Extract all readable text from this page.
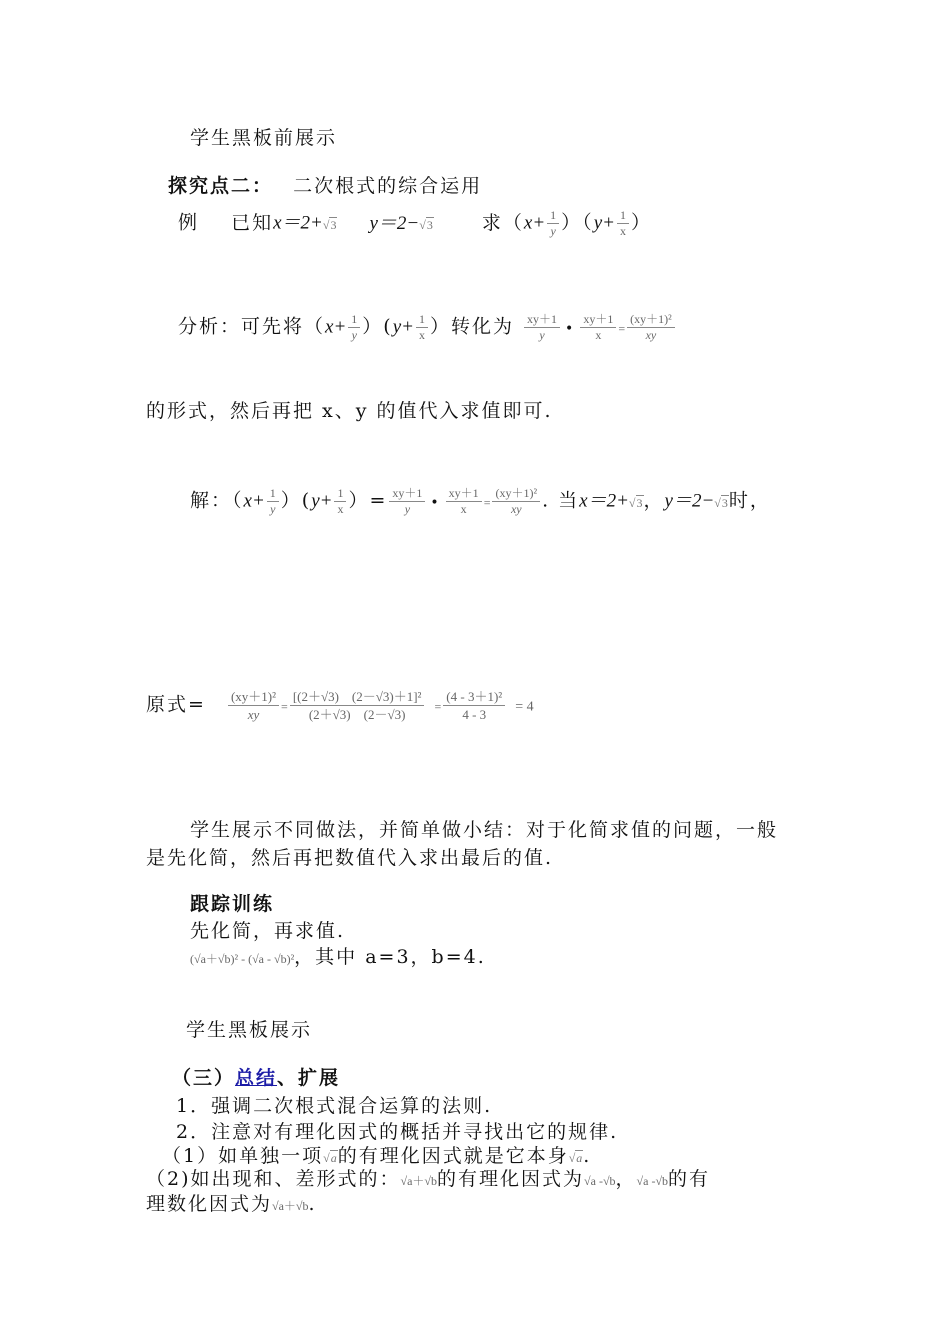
学生黑板前展示
探究点二： 二次根式的综合运用
例 已知x＝2+√3 y＝2−√3	求$(x+ \frac{1}{y} )(y+ \frac{1}{x}$ ）
分析：可先将$(x+ \frac{1}{y} )(y+ \frac{1}{x}$ ）转化为 $\frac{xy+1}{y}$ • $\frac{xy+1}{x} = \frac{\text{(xy＋1)²}}{xy}$
的形式，然后再把 x、y 的值代入求值即可.
解：$(x+ \frac{1}{y} )(y+ \frac{1}{x}$ ）= $\frac{xy+1}{y}$ • $\frac{xy+1}{x} = \frac{\text{(xy＋1)²}}{xy}$ . 当x＝2+√3，y＝2−√3时，
原式= $\frac{\text{(xy＋1)²}}{xy} = \frac{\text{[(2＋√3)　(2－√3)＋1]²}}{(2+√3) (2-√3)} = \frac{\text{(4 - 3＋1)²}}{4 - 3} = 4$
学生展示不同做法，并简单做小结：对于化简求值的问题，一般
是先化简，然后再把数值代入求出最后的值.
跟踪训练
先化简，再求值.
(√a＋√b)² - (√a - √b)²，其中 a=3，b=4.
学生黑板展示
（三）总结、扩展
1．强调二次根式混合运算的法则.
2．注意对有理化因式的概括并寻找出它的规律.
（1）如单独一项√a的有理化因式就是它本身√a.
（2)如出现和、差形式的：√a＋√b的有理化因式为√a -√b，√a -√b的有
理数化因式为√a＋√b.
